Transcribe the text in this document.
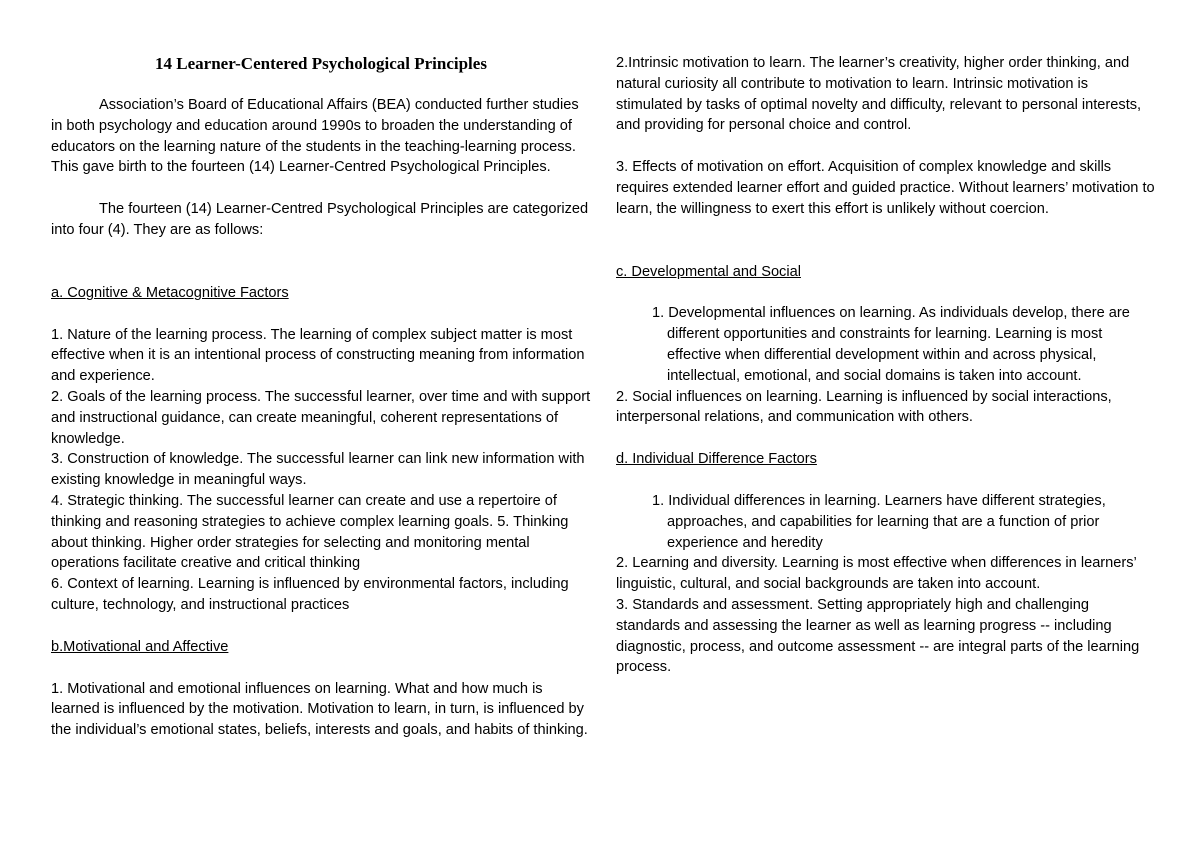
14 Learner-Centered Psychological Principles

Association’s Board of Educational Affairs (BEA) conducted further studies in both psychology and education around 1990s to broaden the understanding of educators on the learning nature of the students in the teaching-learning process. This gave birth to the fourteen (14) Learner-Centred Psychological Principles.

The fourteen (14) Learner-Centred Psychological Principles are categorized into four (4). They are as follows:

a. Cognitive & Metacognitive Factors

1. Nature of the learning process. The learning of complex subject matter is most effective when it is an intentional process of constructing meaning from information and experience.

2. Goals of the learning process. The successful learner, over time and with support and instructional guidance, can create meaningful, coherent representations of knowledge.

3. Construction of knowledge. The successful learner can link new information with existing knowledge in meaningful ways.

4. Strategic thinking. The successful learner can create and use a repertoire of thinking and reasoning strategies to achieve complex learning goals. 5. Thinking about thinking. Higher order strategies for selecting and monitoring mental operations facilitate creative and critical thinking

6. Context of learning. Learning is influenced by environmental factors, including culture, technology, and instructional practices

b.Motivational and Affective

1. Motivational and emotional influences on learning. What and how much is learned is influenced by the motivation. Motivation to learn, in turn, is influenced by the individual’s emotional states, beliefs, interests and goals, and habits of thinking.

2.Intrinsic motivation to learn. The learner’s creativity, higher order thinking, and natural curiosity all contribute to motivation to learn. Intrinsic motivation is stimulated by tasks of optimal novelty and difficulty, relevant to personal interests, and providing for personal choice and control.

3. Effects of motivation on effort. Acquisition of complex knowledge and skills requires extended learner effort and guided practice. Without learners’ motivation to learn, the willingness to exert this effort is unlikely without coercion.

c. Developmental and Social

1. Developmental influences on learning. As individuals develop, there are different opportunities and constraints for learning. Learning is most effective when differential development within and across physical, intellectual, emotional, and social domains is taken into account.

2. Social influences on learning. Learning is influenced by social interactions, interpersonal relations, and communication with others.

d. Individual Difference Factors

1. Individual differences in learning. Learners have different strategies, approaches, and capabilities for learning that are a function of prior experience and heredity

2. Learning and diversity. Learning is most effective when differences in learners’ linguistic, cultural, and social backgrounds are taken into account.

3. Standards and assessment. Setting appropriately high and challenging standards and assessing the learner as well as learning progress -- including diagnostic, process, and outcome assessment -- are integral parts of the learning process.
